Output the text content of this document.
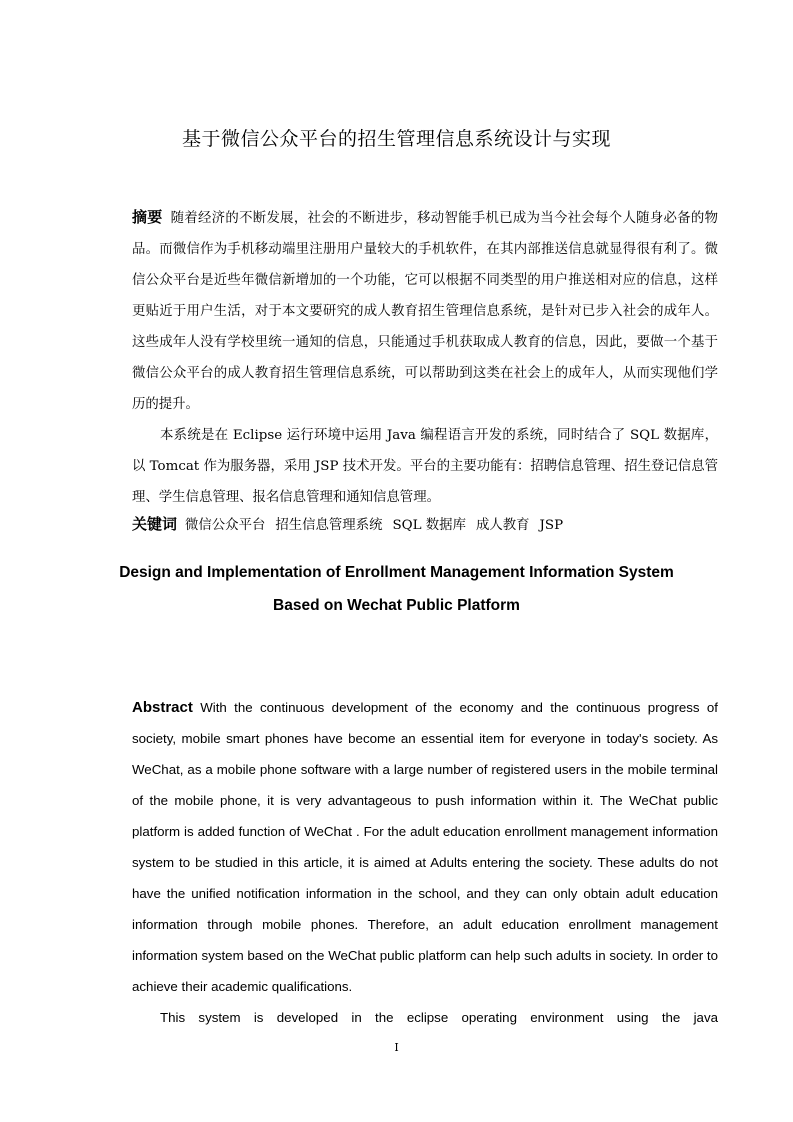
基于微信公众平台的招生管理信息系统设计与实现

摘要 随着经济的不断发展，社会的不断进步，移动智能手机已成为当今社会每个人随身必备的物品。而微信作为手机移动端里注册用户量较大的手机软件，在其内部推送信息就显得很有利了。微信公众平台是近些年微信新增加的一个功能，它可以根据不同类型的用户推送相对应的信息，这样更贴近于用户生活，对于本文要研究的成人教育招生管理信息系统，是针对已步入社会的成年人。这些成年人没有学校里统一通知的信息，只能通过手机获取成人教育的信息，因此，要做一个基于微信公众平台的成人教育招生管理信息系统，可以帮助到这类在社会上的成年人，从而实现他们学历的提升。

本系统是在 Eclipse 运行环境中运用 Java 编程语言开发的系统，同时结合了 SQL 数据库，以 Tomcat 作为服务器，采用 JSP 技术开发。平台的主要功能有：招聘信息管理、招生登记信息管理、学生信息管理、报名信息管理和通知信息管理。

关键词 微信公众平台 招生信息管理系统 SQL 数据库 成人教育 JSP

Design and Implementation of Enrollment Management Information System
Based on Wechat Public Platform

Abstract With the continuous development of the economy and the continuous progress of society, mobile smart phones have become an essential item for everyone in today's society. As WeChat, as a mobile phone software with a large number of registered users in the mobile terminal of the mobile phone, it is very advantageous to push information within it. The WeChat public platform is added function of WeChat . For the adult education enrollment management information system to be studied in this article, it is aimed at Adults entering the society. These adults do not have the unified notification information in the school, and they can only obtain adult education information through mobile phones. Therefore, an adult education enrollment management information system based on the WeChat public platform can help such adults in society. In order to achieve their academic qualifications.

This system is developed in the eclipse operating environment using the java

I
